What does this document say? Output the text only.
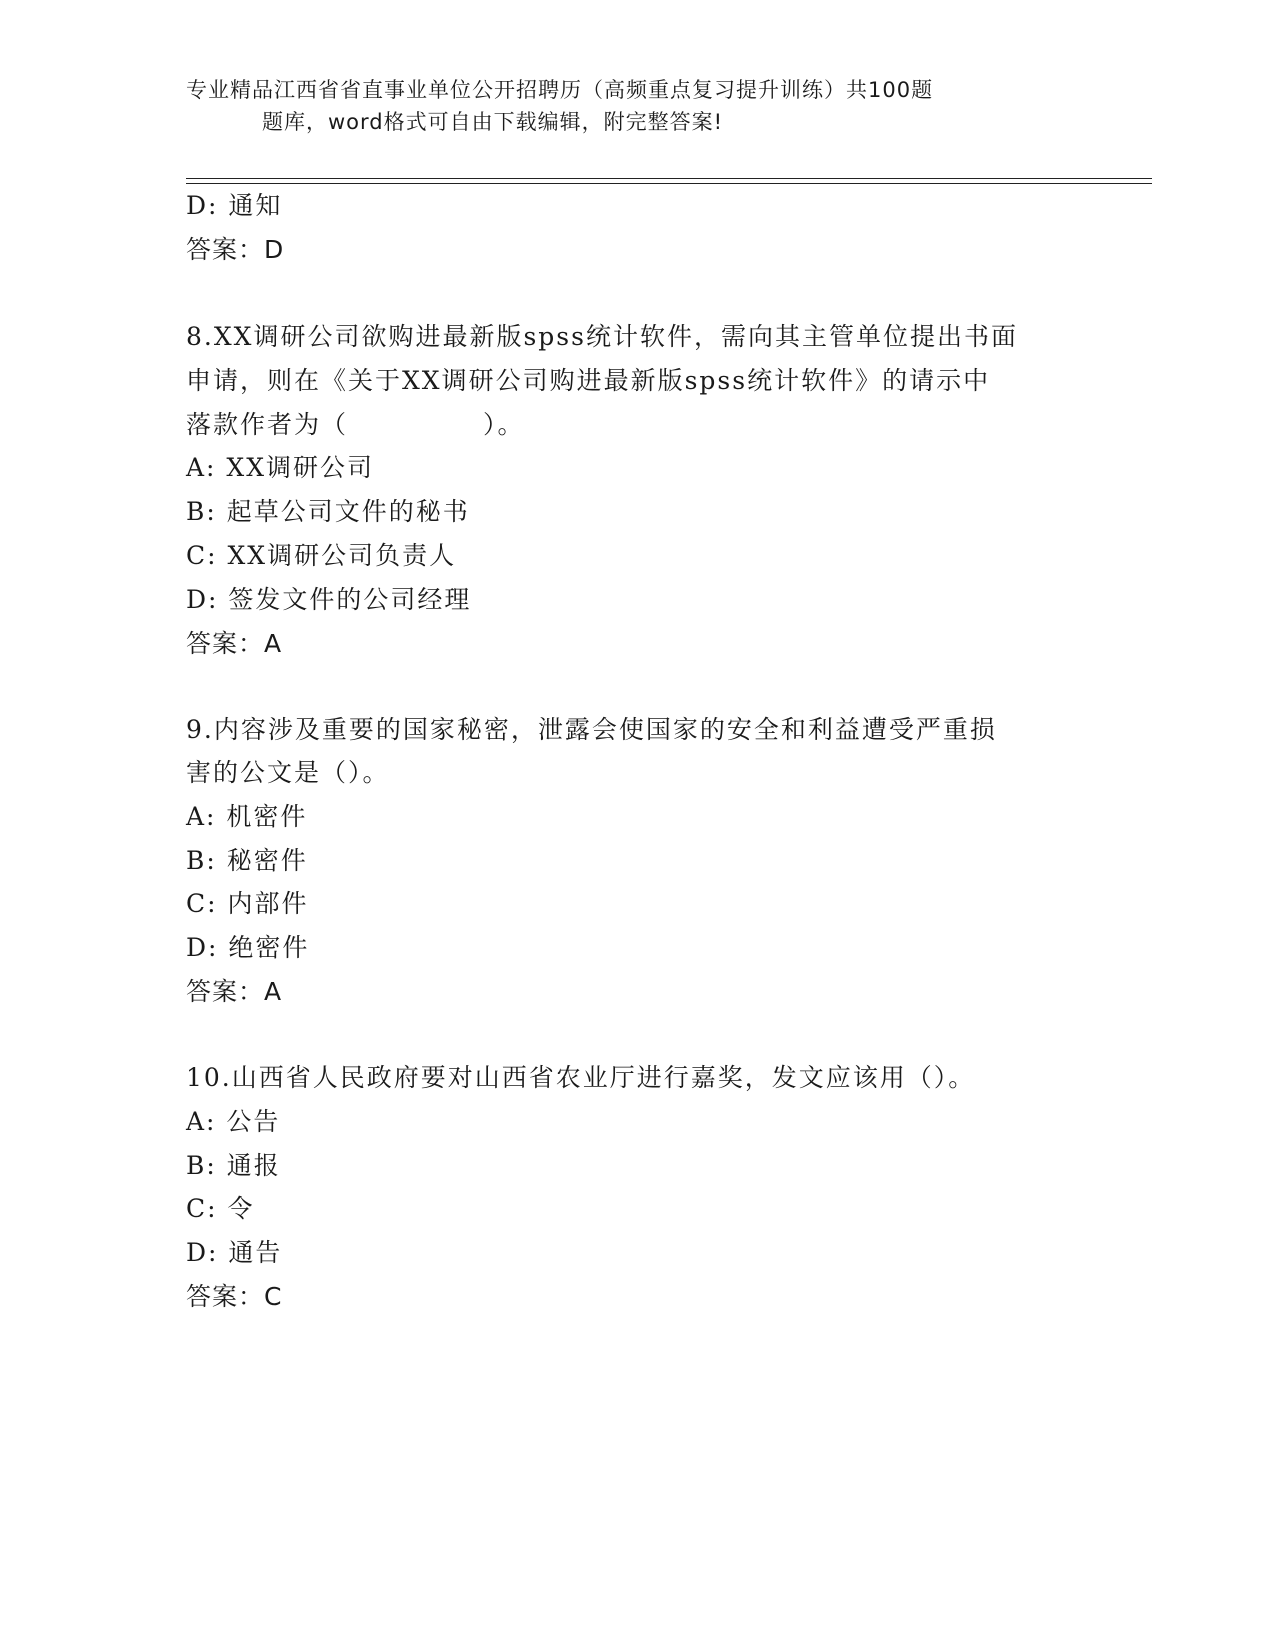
专业精品江西省省直事业单位公开招聘历（高频重点复习提升训练）共100题
题库，word格式可自由下载编辑，附完整答案!
D: 通知
答案：D
8.XX调研公司欲购进最新版spss统计软件，需向其主管单位提出书面
申请，则在《关于XX调研公司购进最新版spss统计软件》的请示中
落款作者为（　　　　　）。
A: XX调研公司
B: 起草公司文件的秘书
C: XX调研公司负责人
D: 签发文件的公司经理
答案：A
9.内容涉及重要的国家秘密，泄露会使国家的安全和利益遭受严重损
害的公文是（）。
A: 机密件
B: 秘密件
C: 内部件
D: 绝密件
答案：A
10.山西省人民政府要对山西省农业厅进行嘉奖，发文应该用（）。
A: 公告
B: 通报
C: 令
D: 通告
答案：C
